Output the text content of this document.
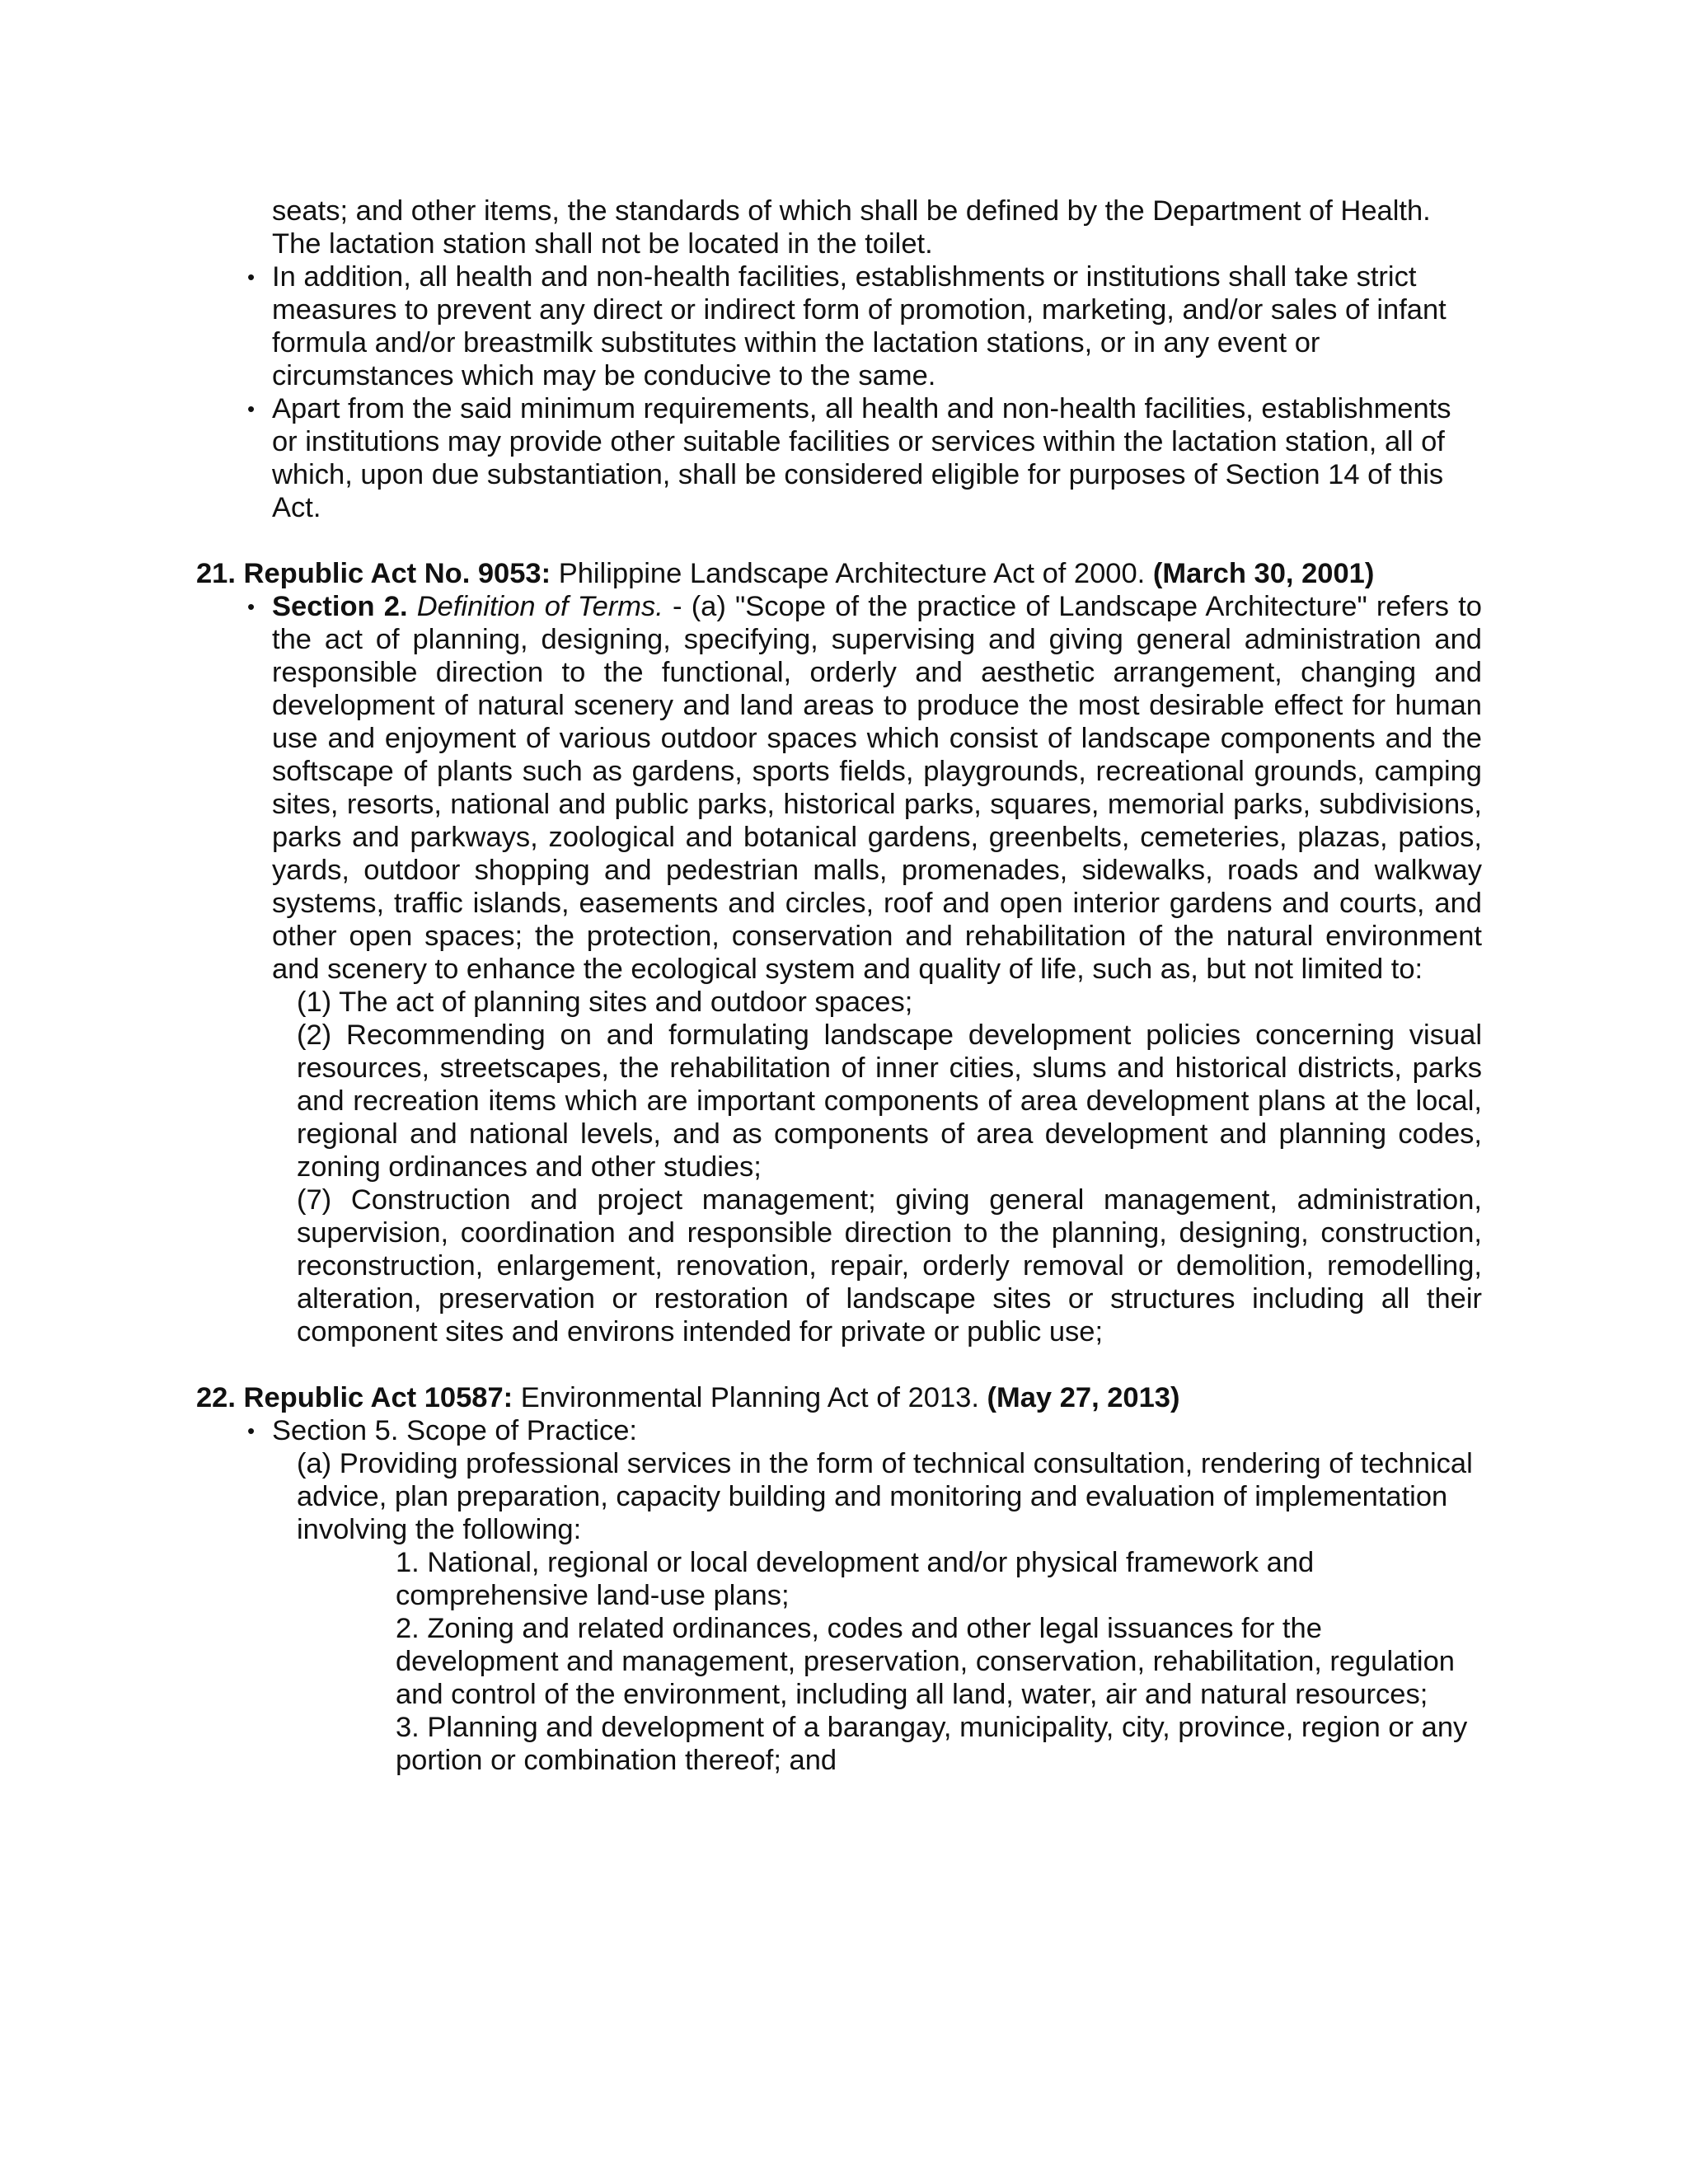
seats; and other items, the standards of which shall be defined by the Department of Health. The lactation station shall not be located in the toilet.

• In addition, all health and non-health facilities, establishments or institutions shall take strict measures to prevent any direct or indirect form of promotion, marketing, and/or sales of infant formula and/or breastmilk substitutes within the lactation stations, or in any event or circumstances which may be conducive to the same.
• Apart from the said minimum requirements, all health and non-health facilities, establishments or institutions may provide other suitable facilities or services within the lactation station, all of which, upon due substantiation, shall be considered eligible for purposes of Section 14 of this Act.

21. Republic Act No. 9053: Philippine Landscape Architecture Act of 2000. (March 30, 2001)

• Section 2. Definition of Terms. - (a) "Scope of the practice of Landscape Architecture" refers to the act of planning, designing, specifying, supervising and giving general administration and responsible direction to the functional, orderly and aesthetic arrangement, changing and development of natural scenery and land areas to produce the most desirable effect for human use and enjoyment of various outdoor spaces which consist of landscape components and the softscape of plants such as gardens, sports fields, playgrounds, recreational grounds, camping sites, resorts, national and public parks, historical parks, squares, memorial parks, subdivisions, parks and parkways, zoological and botanical gardens, greenbelts, cemeteries, plazas, patios, yards, outdoor shopping and pedestrian malls, promenades, sidewalks, roads and walkway systems, traffic islands, easements and circles, roof and open interior gardens and courts, and other open spaces; the protection, conservation and rehabilitation of the natural environment and scenery to enhance the ecological system and quality of life, such as, but not limited to:

(1) The act of planning sites and outdoor spaces;

(2) Recommending on and formulating landscape development policies concerning visual resources, streetscapes, the rehabilitation of inner cities, slums and historical districts, parks and recreation items which are important components of area development plans at the local, regional and national levels, and as components of area development and planning codes, zoning ordinances and other studies;

(7) Construction and project management; giving general management, administration, supervision, coordination and responsible direction to the planning, designing, construction, reconstruction, enlargement, renovation, repair, orderly removal or demolition, remodelling, alteration, preservation or restoration of landscape sites or structures including all their component sites and environs intended for private or public use;

22. Republic Act 10587: Environmental Planning Act of 2013. (May 27, 2013)

• Section 5. Scope of Practice:

(a) Providing professional services in the form of technical consultation, rendering of technical advice, plan preparation, capacity building and monitoring and evaluation of implementation involving the following:

1. National, regional or local development and/or physical framework and comprehensive land-use plans;

2. Zoning and related ordinances, codes and other legal issuances for the development and management, preservation, conservation, rehabilitation, regulation and control of the environment, including all land, water, air and natural resources;

3. Planning and development of a barangay, municipality, city, province, region or any portion or combination thereof; and
